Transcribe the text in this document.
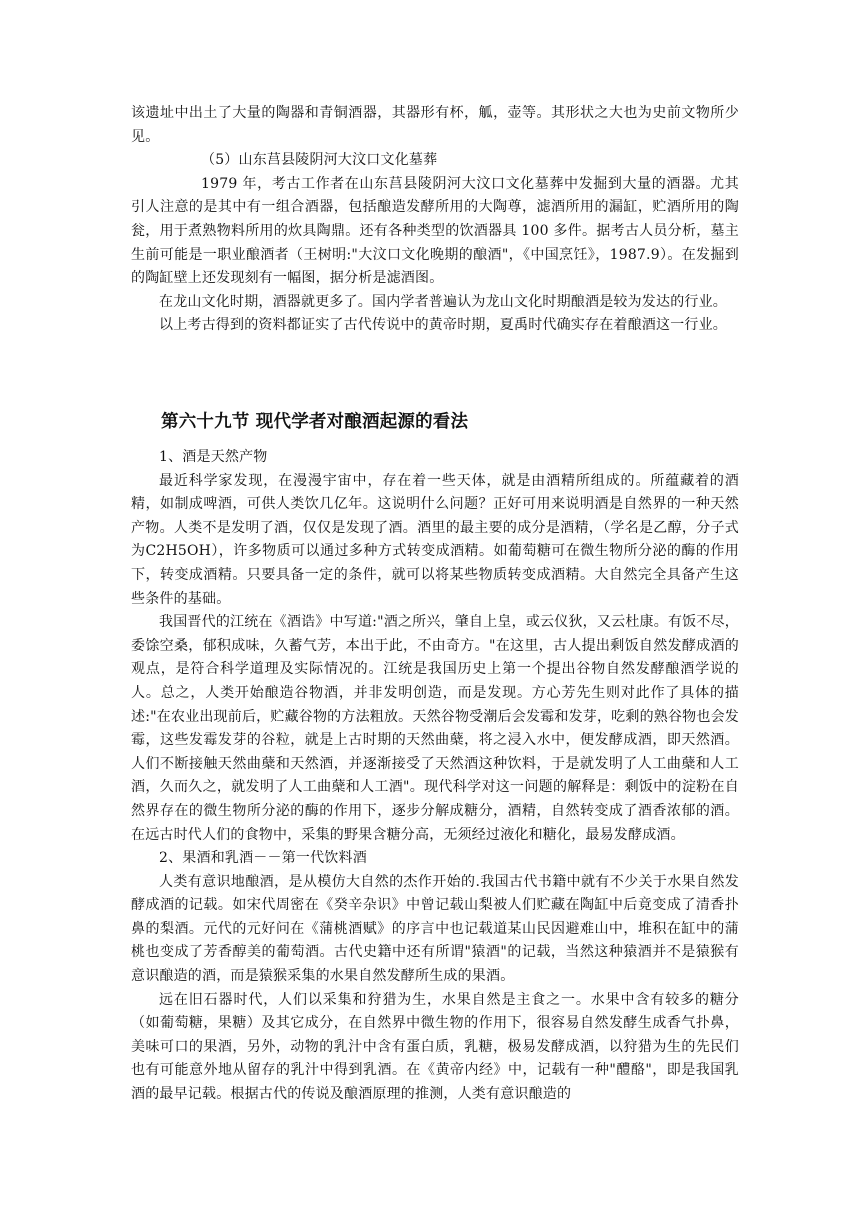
该遗址中出土了大量的陶器和青铜酒器，其器形有杯，觚，壶等。其形状之大也为史前文物所少见。

（5）山东莒县陵阴河大汶口文化墓葬

1979 年，考古工作者在山东莒县陵阴河大汶口文化墓葬中发掘到大量的酒器。尤其引人注意的是其中有一组合酒器，包括酿造发酵所用的大陶尊，滤酒所用的漏缸，贮酒所用的陶瓮，用于煮熟物料所用的炊具陶鼎。还有各种类型的饮酒器具 100 多件。据考古人员分析，墓主生前可能是一职业酿酒者（王树明:"大汶口文化晚期的酿酒"，《中国烹饪》，1987.9）。在发掘到的陶缸壁上还发现刻有一幅图，据分析是滤酒图。

在龙山文化时期，酒器就更多了。国内学者普遍认为龙山文化时期酿酒是较为发达的行业。

以上考古得到的资料都证实了古代传说中的黄帝时期，夏禹时代确实存在着酿酒这一行业。

第六十九节 现代学者对酿酒起源的看法

1、酒是天然产物

最近科学家发现，在漫漫宇宙中，存在着一些天体，就是由酒精所组成的。所蕴藏着的酒精，如制成啤酒，可供人类饮几亿年。这说明什么问题？正好可用来说明酒是自然界的一种天然产物。人类不是发明了酒，仅仅是发现了酒。酒里的最主要的成分是酒精，（学名是乙醇，分子式为C2H5OH），许多物质可以通过多种方式转变成酒精。如葡萄糖可在微生物所分泌的酶的作用下，转变成酒精。只要具备一定的条件，就可以将某些物质转变成酒精。大自然完全具备产生这些条件的基础。

我国晋代的江统在《酒诰》中写道:"酒之所兴，肇自上皇，或云仪狄，又云杜康。有饭不尽，委馀空桑，郁积成味，久蓄气芳，本出于此，不由奇方。"在这里，古人提出剩饭自然发酵成酒的观点，是符合科学道理及实际情况的。江统是我国历史上第一个提出谷物自然发酵酿酒学说的人。总之，人类开始酿造谷物酒，并非发明创造，而是发现。方心芳先生则对此作了具体的描述:"在农业出现前后，贮藏谷物的方法粗放。天然谷物受潮后会发霉和发芽，吃剩的熟谷物也会发霉，这些发霉发芽的谷粒，就是上古时期的天然曲蘖，将之浸入水中，便发酵成酒，即天然酒。人们不断接触天然曲蘖和天然酒，并逐渐接受了天然酒这种饮料，于是就发明了人工曲蘖和人工酒，久而久之，就发明了人工曲蘖和人工酒"。现代科学对这一问题的解释是：剩饭中的淀粉在自然界存在的微生物所分泌的酶的作用下，逐步分解成糖分，酒精，自然转变成了酒香浓郁的酒。在远古时代人们的食物中，采集的野果含糖分高，无须经过液化和糖化，最易发酵成酒。

2、果酒和乳酒－－第一代饮料酒

人类有意识地酿酒，是从模仿大自然的杰作开始的.我国古代书籍中就有不少关于水果自然发酵成酒的记载。如宋代周密在《癸辛杂识》中曾记载山梨被人们贮藏在陶缸中后竟变成了清香扑鼻的梨酒。元代的元好问在《蒲桃酒赋》的序言中也记载道某山民因避难山中，堆积在缸中的蒲桃也变成了芳香醇美的葡萄酒。古代史籍中还有所谓"猿酒"的记载，当然这种猿酒并不是猿猴有意识酿造的酒，而是猿猴采集的水果自然发酵所生成的果酒。

远在旧石器时代，人们以采集和狩猎为生，水果自然是主食之一。水果中含有较多的糖分（如葡萄糖，果糖）及其它成分，在自然界中微生物的作用下，很容易自然发酵生成香气扑鼻，美味可口的果酒，另外，动物的乳汁中含有蛋白质，乳糖，极易发酵成酒，以狩猎为生的先民们也有可能意外地从留存的乳汁中得到乳酒。在《黄帝内经》中，记载有一种"醴酪"，即是我国乳酒的最早记载。根据古代的传说及酿酒原理的推测，人类有意识酿造的
